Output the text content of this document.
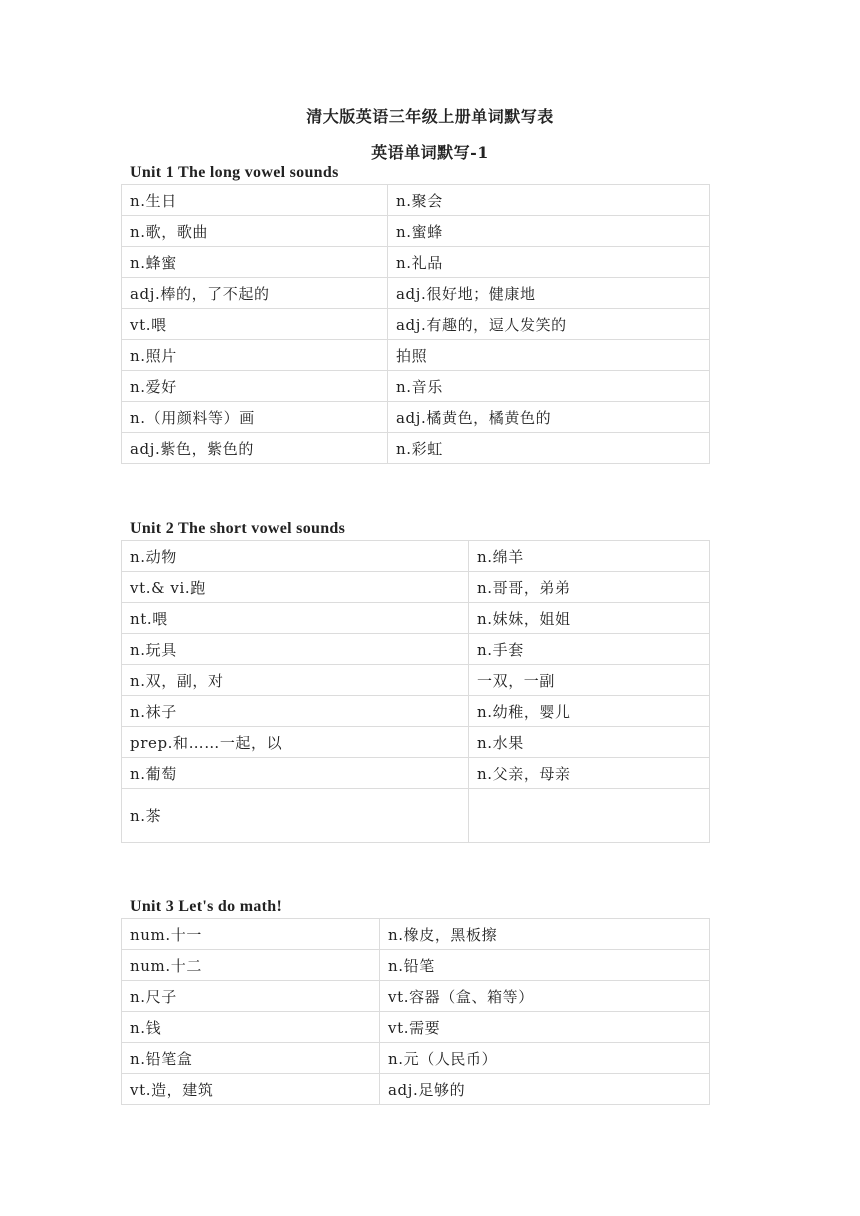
清大版英语三年级上册单词默写表
英语单词默写-1
Unit 1 The long vowel sounds
n.生日	n.聚会
n.歌，歌曲	n.蜜蜂
n.蜂蜜	n.礼品
adj.棒的，了不起的	adj.很好地；健康地
vt.喂	adj.有趣的，逗人发笑的
n.照片	拍照
n.爱好	n.音乐
n.（用颜料等）画	adj.橘黄色，橘黄色的
adj.紫色，紫色的	n.彩虹
Unit 2 The short vowel sounds
n.动物	n.绵羊
vt.& vi.跑	n.哥哥，弟弟
nt.喂	n.妹妹，姐姐
n.玩具	n.手套
n.双，副，对	一双，一副
n.袜子	n.幼稚，婴儿
prep.和……一起，以	n.水果
n.葡萄	n.父亲，母亲
n.茶	
Unit 3 Let's do math!
num.十一	n.橡皮，黑板擦
num.十二	n.铅笔
n.尺子	vt.容器（盒、箱等）
n.钱	vt.需要
n.铅笔盒	n.元（人民币）
vt.造，建筑	adj.足够的
